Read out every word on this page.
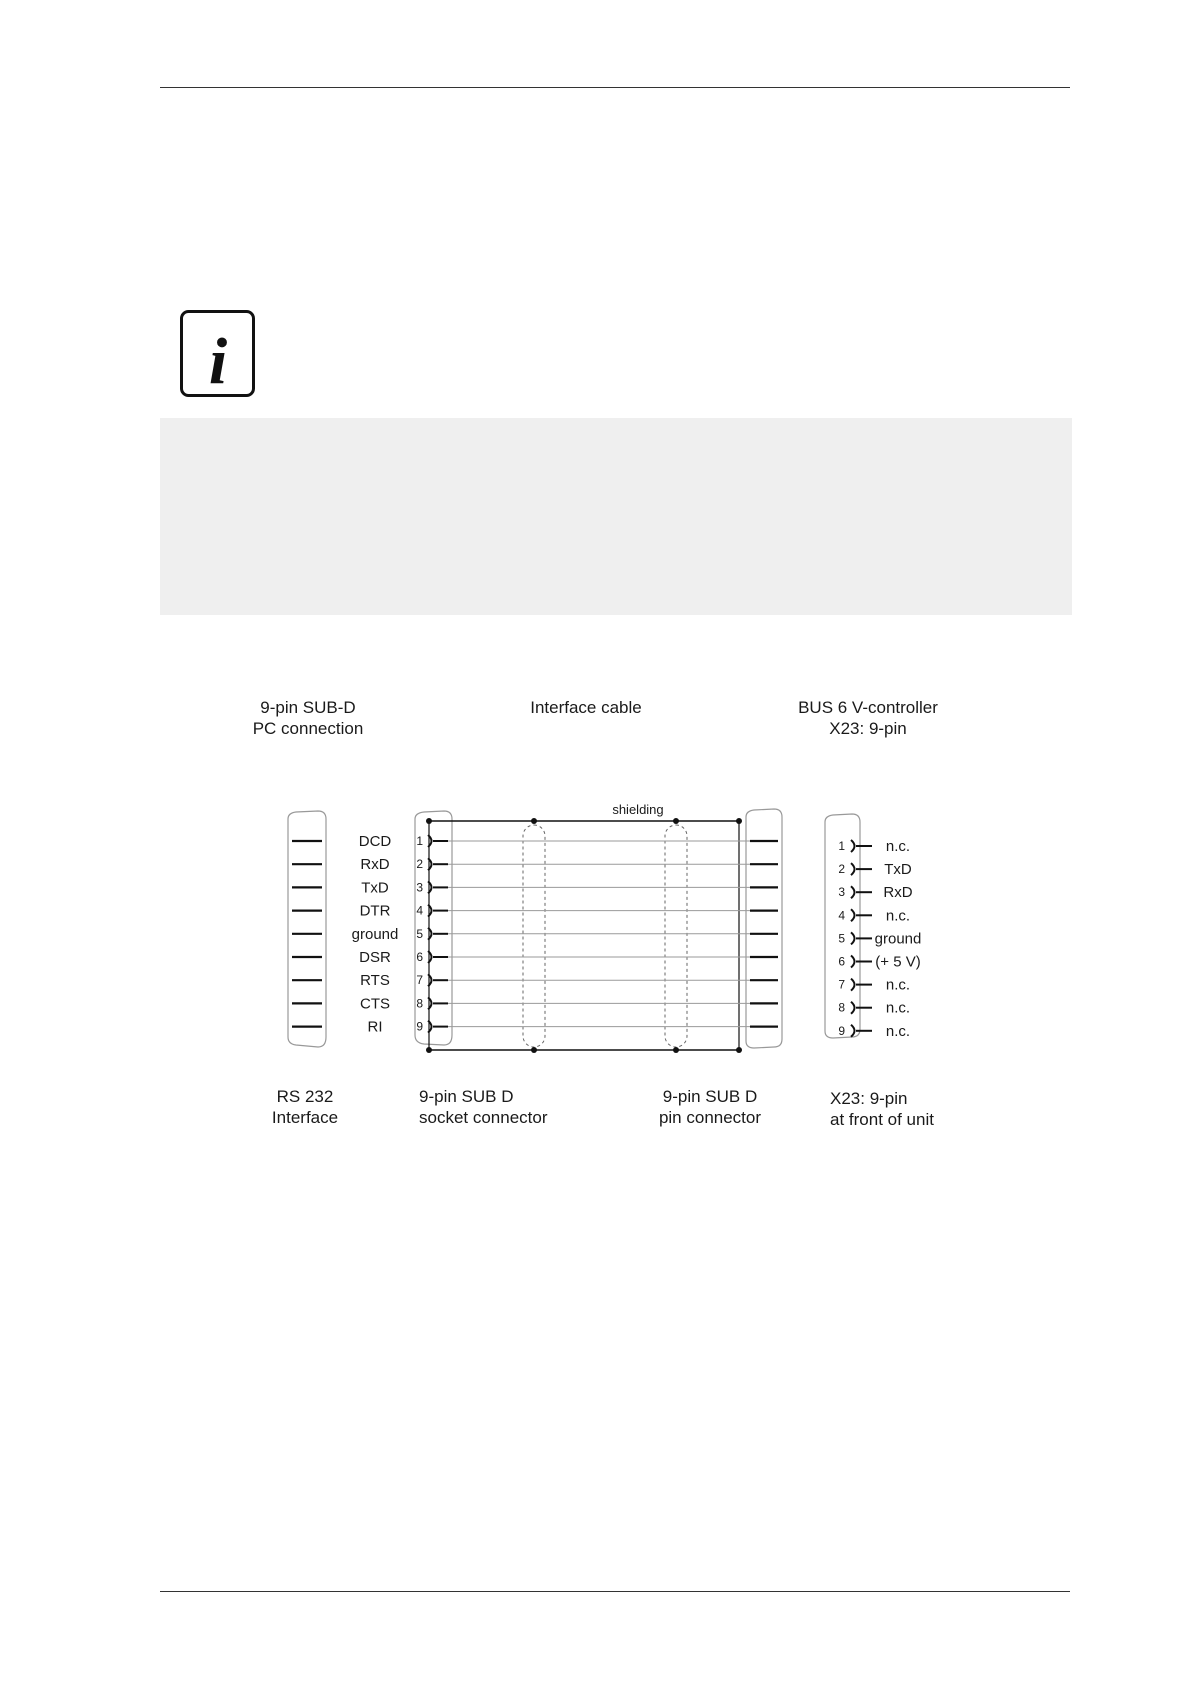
i
9-pin SUB-D
PC connection
Interface cable	BUS 6 V-controller
X23: 9-pin
shielding
DCD 1	1	n.c.
RxD 2	2	TxD
TxD 3	3	RxD
DTR 4	4	n.c.
ground 5	5 ground
DSR 6	6 (+ 5 V)
RTS 7	7	n.c.
CTS 8	8	n.c.
RI	9	9	n.c.
RS 232
Interface
9-pin SUB D
socket connector
9-pin SUB D
pin connector
X23: 9-pin
at front of unit
